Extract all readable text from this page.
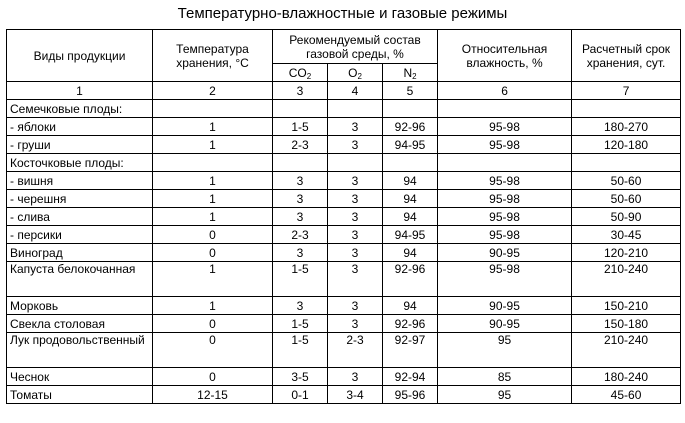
Температурно-влажностные и газовые режимы
Виды продукции	Температура хранения, °С	Рекомендуемый состав газовой среды, %			Относительная влажность, %	Расчетный срок хранения, сут.
		$CO_2$	$O_2$	$N_2$
1	2	3	4	5	6	7
Семечковые плоды:						
- яблоки	1	1-5	3	92-96	95-98	180-270
- груши	1	2-3	3	94-95	95-98	120-180
Косточковые плоды:						
- вишня	1	3	3	94	95-98	50-60
- черешня	1	3	3	94	95-98	50-60
- слива	1	3	3	94	95-98	50-90
- персики	0	2-3	3	94-95	95-98	30-45
Виноград	0	3	3	94	90-95	120-210
Капуста белокочанная	1	1-5	3	92-96	95-98	210-240
Морковь	1	3	3	94	90-95	150-210
Свекла столовая	0	1-5	3	92-96	90-95	150-180
Лук продовольственный	0	1-5	2-3	92-97	95	210-240
Чеснок	0	3-5	3	92-94	85	180-240
Томаты	12-15	0-1	3-4	95-96	95	45-60
